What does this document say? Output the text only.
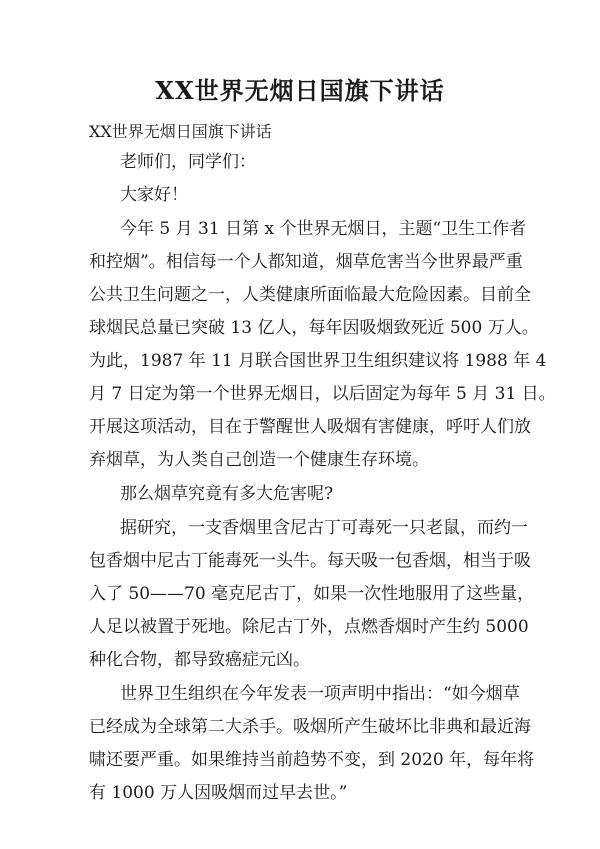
XX世界无烟日国旗下讲话
XX世界无烟日国旗下讲话
老师们，同学们：
大家好！
今年 5 月 31 日第 x 个世界无烟日，主题“卫生工作者
和控烟”。相信每一个人都知道，烟草危害当今世界最严重
公共卫生问题之一，人类健康所面临最大危险因素。目前全
球烟民总量已突破 13 亿人，每年因吸烟致死近 500 万人。
为此，1987 年 11 月联合国世界卫生组织建议将 1988 年 4
月 7 日定为第一个世界无烟日，以后固定为每年 5 月 31 日。
开展这项活动，目在于警醒世人吸烟有害健康，呼吁人们放
弃烟草，为人类自己创造一个健康生存环境。
那么烟草究竟有多大危害呢?
据研究，一支香烟里含尼古丁可毒死一只老鼠，而约一
包香烟中尼古丁能毒死一头牛。每天吸一包香烟，相当于吸
入了 50——70 毫克尼古丁，如果一次性地服用了这些量，
人足以被置于死地。除尼古丁外，点燃香烟时产生约 5000
种化合物，都导致癌症元凶。
世界卫生组织在今年发表一项声明中指出：“如今烟草
已经成为全球第二大杀手。吸烟所产生破坏比非典和最近海
啸还要严重。如果维持当前趋势不变，到 2020 年，每年将
有 1000 万人因吸烟而过早去世。”
